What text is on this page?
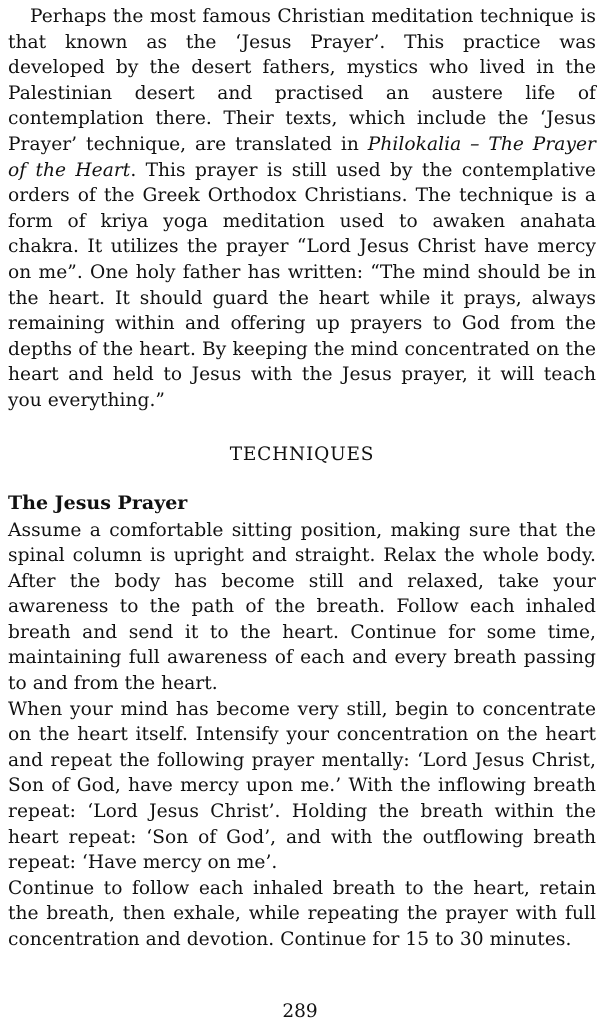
Perhaps the most famous Christian meditation technique is that known as the ‘Jesus Prayer’. This practice was developed by the desert fathers, mystics who lived in the Palestinian desert and practised an austere life of contemplation there. Their texts, which include the ‘Jesus Prayer’ technique, are translated in Philokalia – The Prayer of the Heart. This prayer is still used by the contemplative orders of the Greek Orthodox Christians. The technique is a form of kriya yoga meditation used to awaken anahata chakra. It utilizes the prayer “Lord Jesus Christ have mercy on me”. One holy father has written: “The mind should be in the heart. It should guard the heart while it prays, always remaining within and offering up prayers to God from the depths of the heart. By keeping the mind concentrated on the heart and held to Jesus with the Jesus prayer, it will teach you everything.”

TECHNIQUES
The Jesus Prayer

Assume a comfortable sitting position, making sure that the spinal column is upright and straight. Relax the whole body. After the body has become still and relaxed, take your awareness to the path of the breath. Follow each inhaled breath and send it to the heart. Continue for some time, maintaining full awareness of each and every breath passing to and from the heart.

When your mind has become very still, begin to concentrate on the heart itself. Intensify your concentration on the heart and repeat the following prayer mentally: ‘Lord Jesus Christ, Son of God, have mercy upon me.’ With the inflowing breath repeat: ‘Lord Jesus Christ’. Holding the breath within the heart repeat: ‘Son of God’, and with the outflowing breath repeat: ‘Have mercy on me’.

Continue to follow each inhaled breath to the heart, retain the breath, then exhale, while repeating the prayer with full concentration and devotion. Continue for 15 to 30 minutes.

289
